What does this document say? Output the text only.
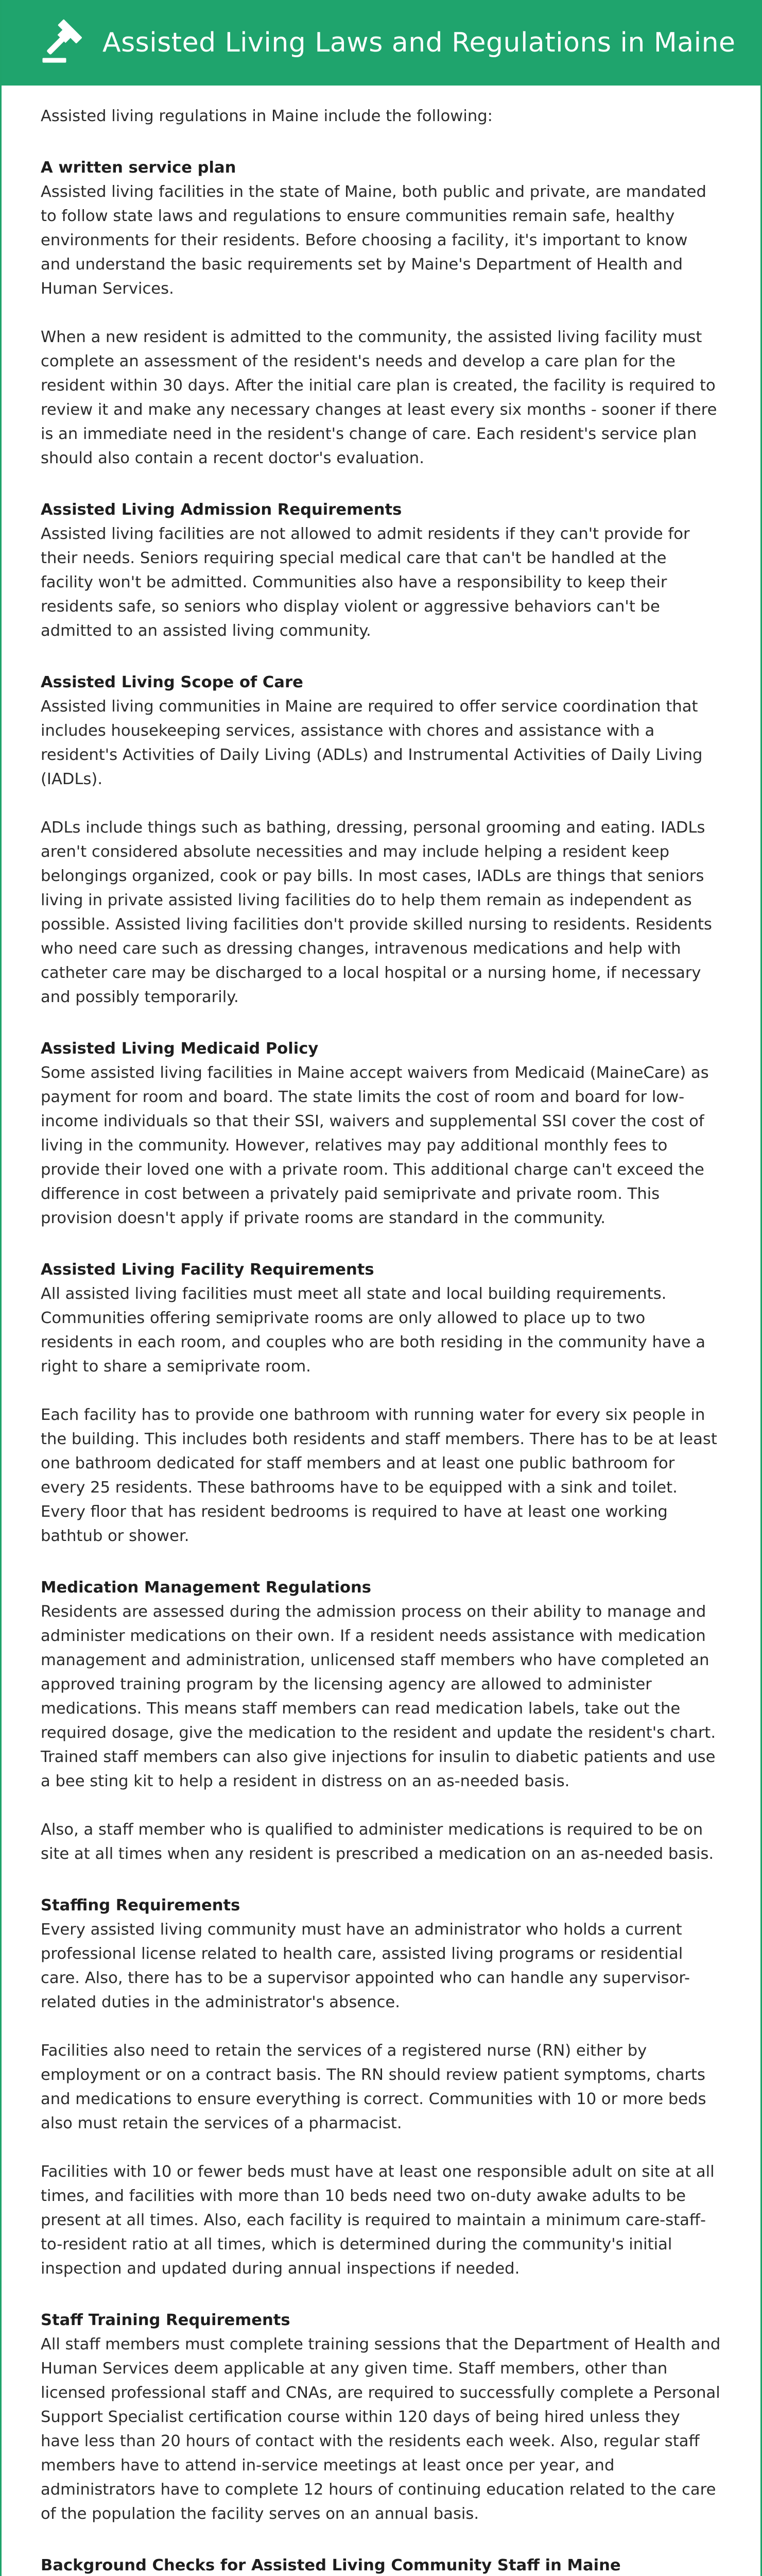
Assisted Living Laws and Regulations in Maine

Assisted living regulations in Maine include the following:

A written service plan

Assisted living facilities in the state of Maine, both public and private, are mandated to follow state laws and regulations to ensure communities remain safe, healthy environments for their residents. Before choosing a facility, it's important to know and understand the basic requirements set by Maine's Department of Health and Human Services.

When a new resident is admitted to the community, the assisted living facility must complete an assessment of the resident's needs and develop a care plan for the resident within 30 days. After the initial care plan is created, the facility is required to review it and make any necessary changes at least every six months - sooner if there is an immediate need in the resident's change of care. Each resident's service plan should also contain a recent doctor's evaluation.

Assisted Living Admission Requirements

Assisted living facilities are not allowed to admit residents if they can't provide for their needs. Seniors requiring special medical care that can't be handled at the facility won't be admitted. Communities also have a responsibility to keep their residents safe, so seniors who display violent or aggressive behaviors can't be admitted to an assisted living community.

Assisted Living Scope of Care

Assisted living communities in Maine are required to offer service coordination that includes housekeeping services, assistance with chores and assistance with a resident's Activities of Daily Living (ADLs) and Instrumental Activities of Daily Living (IADLs).

ADLs include things such as bathing, dressing, personal grooming and eating. IADLs aren't considered absolute necessities and may include helping a resident keep belongings organized, cook or pay bills. In most cases, IADLs are things that seniors living in private assisted living facilities do to help them remain as independent as possible. Assisted living facilities don't provide skilled nursing to residents. Residents who need care such as dressing changes, intravenous medications and help with catheter care may be discharged to a local hospital or a nursing home, if necessary and possibly temporarily.

Assisted Living Medicaid Policy

Some assisted living facilities in Maine accept waivers from Medicaid (MaineCare) as payment for room and board. The state limits the cost of room and board for low-income individuals so that their SSI, waivers and supplemental SSI cover the cost of living in the community. However, relatives may pay additional monthly fees to provide their loved one with a private room. This additional charge can't exceed the difference in cost between a privately paid semiprivate and private room. This provision doesn't apply if private rooms are standard in the community.

Assisted Living Facility Requirements

All assisted living facilities must meet all state and local building requirements. Communities offering semiprivate rooms are only allowed to place up to two residents in each room, and couples who are both residing in the community have a right to share a semiprivate room.

Each facility has to provide one bathroom with running water for every six people in the building. This includes both residents and staff members. There has to be at least one bathroom dedicated for staff members and at least one public bathroom for every 25 residents. These bathrooms have to be equipped with a sink and toilet. Every floor that has resident bedrooms is required to have at least one working bathtub or shower.

Medication Management Regulations

Residents are assessed during the admission process on their ability to manage and administer medications on their own. If a resident needs assistance with medication management and administration, unlicensed staff members who have completed an approved training program by the licensing agency are allowed to administer medications. This means staff members can read medication labels, take out the required dosage, give the medication to the resident and update the resident's chart. Trained staff members can also give injections for insulin to diabetic patients and use a bee sting kit to help a resident in distress on an as-needed basis.

Also, a staff member who is qualified to administer medications is required to be on site at all times when any resident is prescribed a medication on an as-needed basis.

Staffing Requirements

Every assisted living community must have an administrator who holds a current professional license related to health care, assisted living programs or residential care. Also, there has to be a supervisor appointed who can handle any supervisor-related duties in the administrator's absence.

Facilities also need to retain the services of a registered nurse (RN) either by employment or on a contract basis. The RN should review patient symptoms, charts and medications to ensure everything is correct. Communities with 10 or more beds also must retain the services of a pharmacist.

Facilities with 10 or fewer beds must have at least one responsible adult on site at all times, and facilities with more than 10 beds need two on-duty awake adults to be present at all times. Also, each facility is required to maintain a minimum care-staff-to-resident ratio at all times, which is determined during the community's initial inspection and updated during annual inspections if needed.

Staff Training Requirements

All staff members must complete training sessions that the Department of Health and Human Services deem applicable at any given time. Staff members, other than licensed professional staff and CNAs, are required to successfully complete a Personal Support Specialist certification course within 120 days of being hired unless they have less than 20 hours of contact with the residents each week. Also, regular staff members have to attend in-service meetings at least once per year, and administrators have to complete 12 hours of continuing education related to the care of the population the facility serves on an annual basis.

Background Checks for Assisted Living Community Staff in Maine
